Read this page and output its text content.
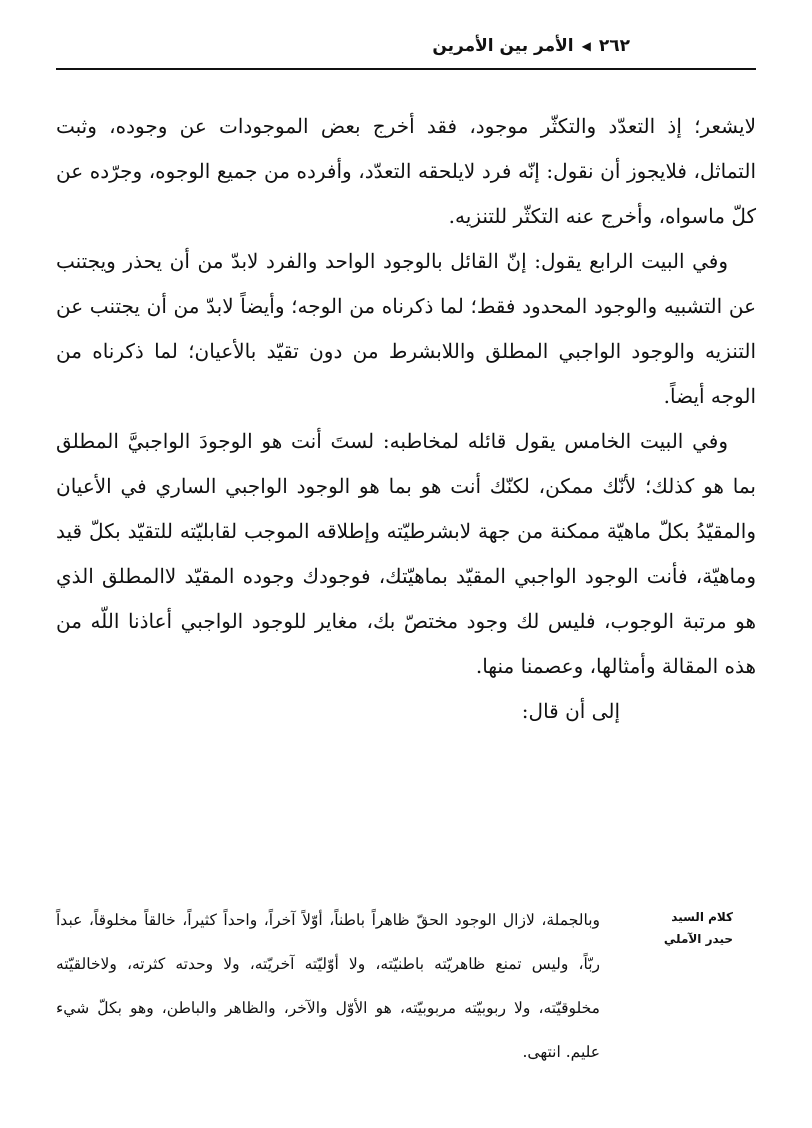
٢٦٢
◀
الأمر بين الأمرين

لايشعر؛ إذ التعدّد والتكثّر موجود، فقد أخرج بعض الموجودات عن وجوده، وثبت التماثل، فلايجوز أن نقول: إنّه فرد لايلحقه التعدّد، وأفرده من جميع الوجوه، وجرّده عن كلّ ماسواه، وأخرج عنه التكثّر للتنزيه.

وفي البيت الرابع يقول: إنّ القائل بالوجود الواحد والفرد لابدّ من أن يحذر ويجتنب عن التشبيه والوجود المحدود فقط؛ لما ذكرناه من الوجه؛ وأيضاً لابدّ من أن يجتنب عن التنزيه والوجود الواجبي المطلق واللابشرط من دون تقيّد بالأعيان؛ لما ذكرناه من الوجه أيضاً.

وفي البيت الخامس يقول قائله لمخاطبه: لستَ أنت هو الوجودَ الواجبيَّ المطلق بما هو كذلك؛ لأنّك ممكن، لكنّك أنت هو بما هو الوجود الواجبي الساري في الأعيان والمقيّدُ بكلّ ماهيّة ممكنة من جهة لابشرطيّته وإطلاقه الموجب لقابليّته للتقيّد بكلّ قيد وماهيّة، فأنت الوجود الواجبي المقيّد بماهيّتك، فوجودك وجوده المقيّد لاالمطلق الذي هو مرتبة الوجوب، فليس لك وجود مختصّ بك، مغاير للوجود الواجبي أعاذنا اللّه من هذه المقالة وأمثالها، وعصمنا منها.

إلى أن قال:

كلام السيد حيدر الآملي

وبالجملة، لازال الوجود الحقّ ظاهراً باطناً، أوّلاً آخراً، واحداً كثيراً، خالقاً مخلوقاً، عبداً ربّاً، وليس تمنع ظاهريّته باطنيّته، ولا أوّليّته آخريّته، ولا وحدته كثرته، ولاخالقيّته مخلوقيّته، ولا ربوبيّته مربوبيّته، هو الأوّل والآخر، والظاهر والباطن، وهو بكلّ شيء عليم. انتهى.
